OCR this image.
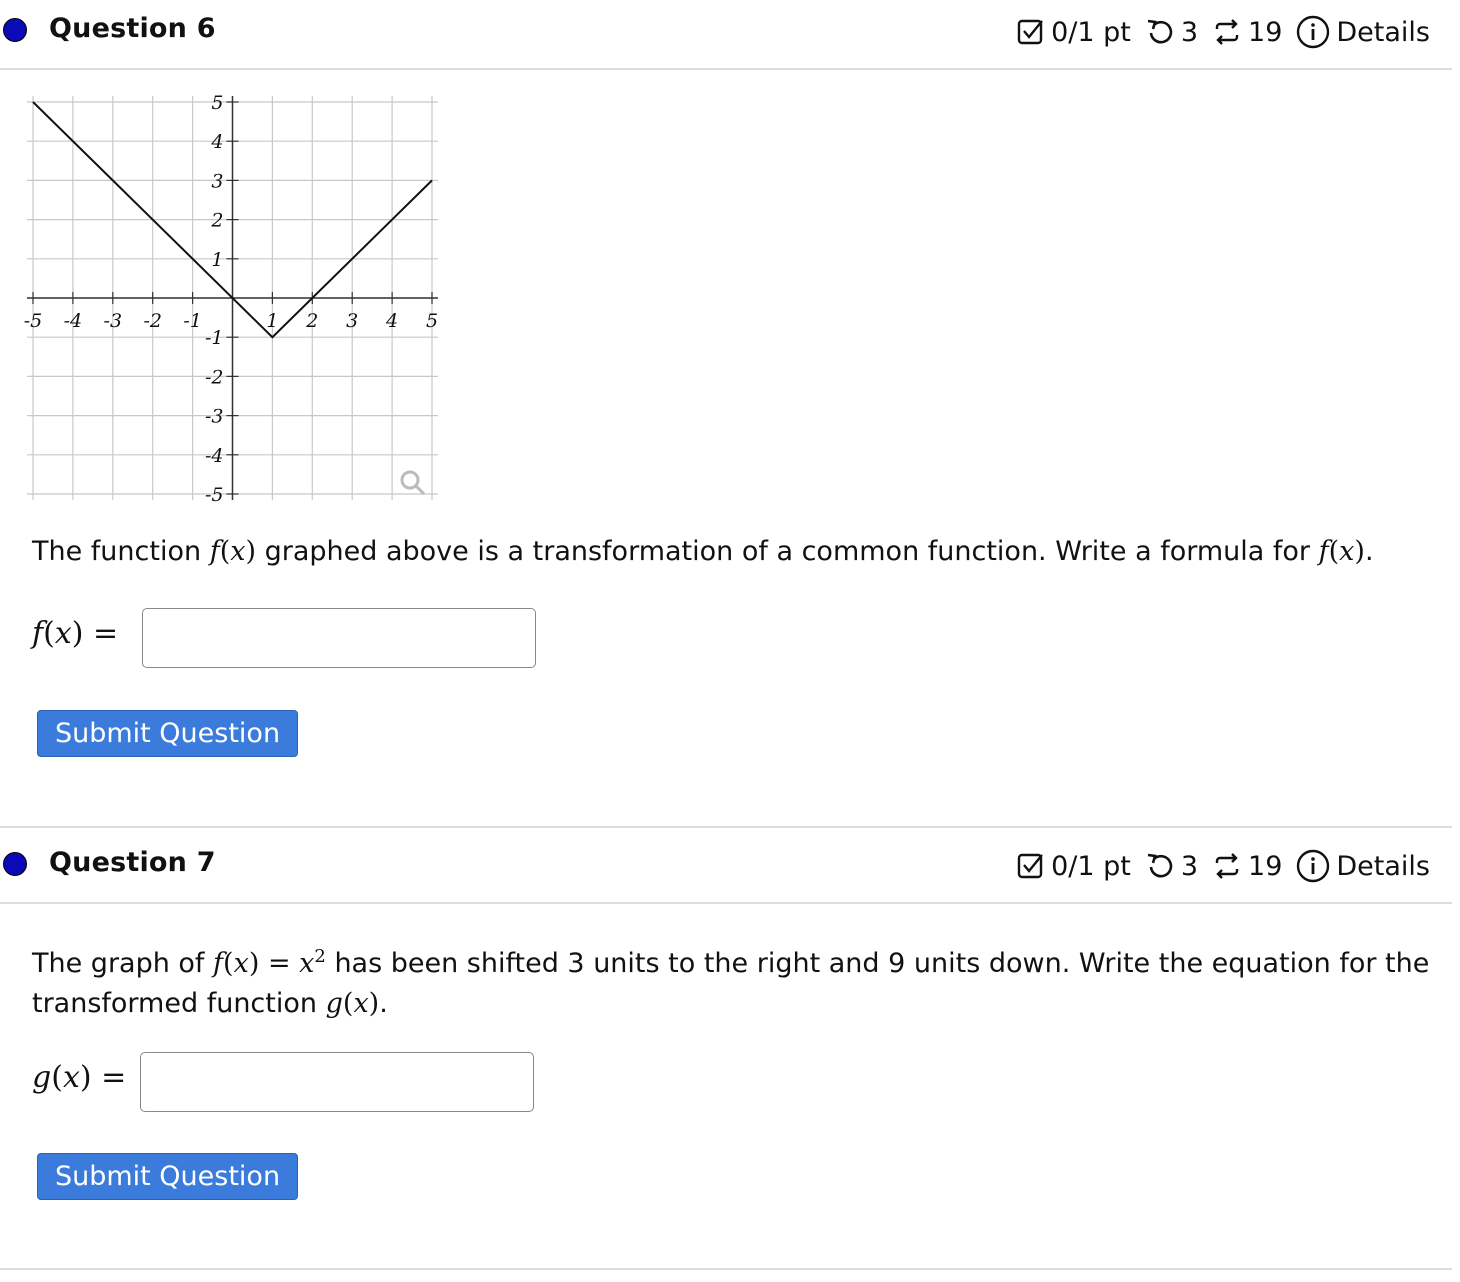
Question 6	0/1 pt 3 19 Details
-5 -4 -3 -2 -1	1 2 3 4 5
5
4
3
2
1
-1
-2
-3
-4
-5
The function f(x) graphed above is a transformation of a common function. Write a formula for f(x).
f(x) =
Submit Question
Question 7	0/1 pt 3 19 Details
The graph of $f(x) = x^2$ has been shifted 3 units to the right and 9 units down. Write the equation for the
transformed function g(x).
g(x) =
Submit Question
